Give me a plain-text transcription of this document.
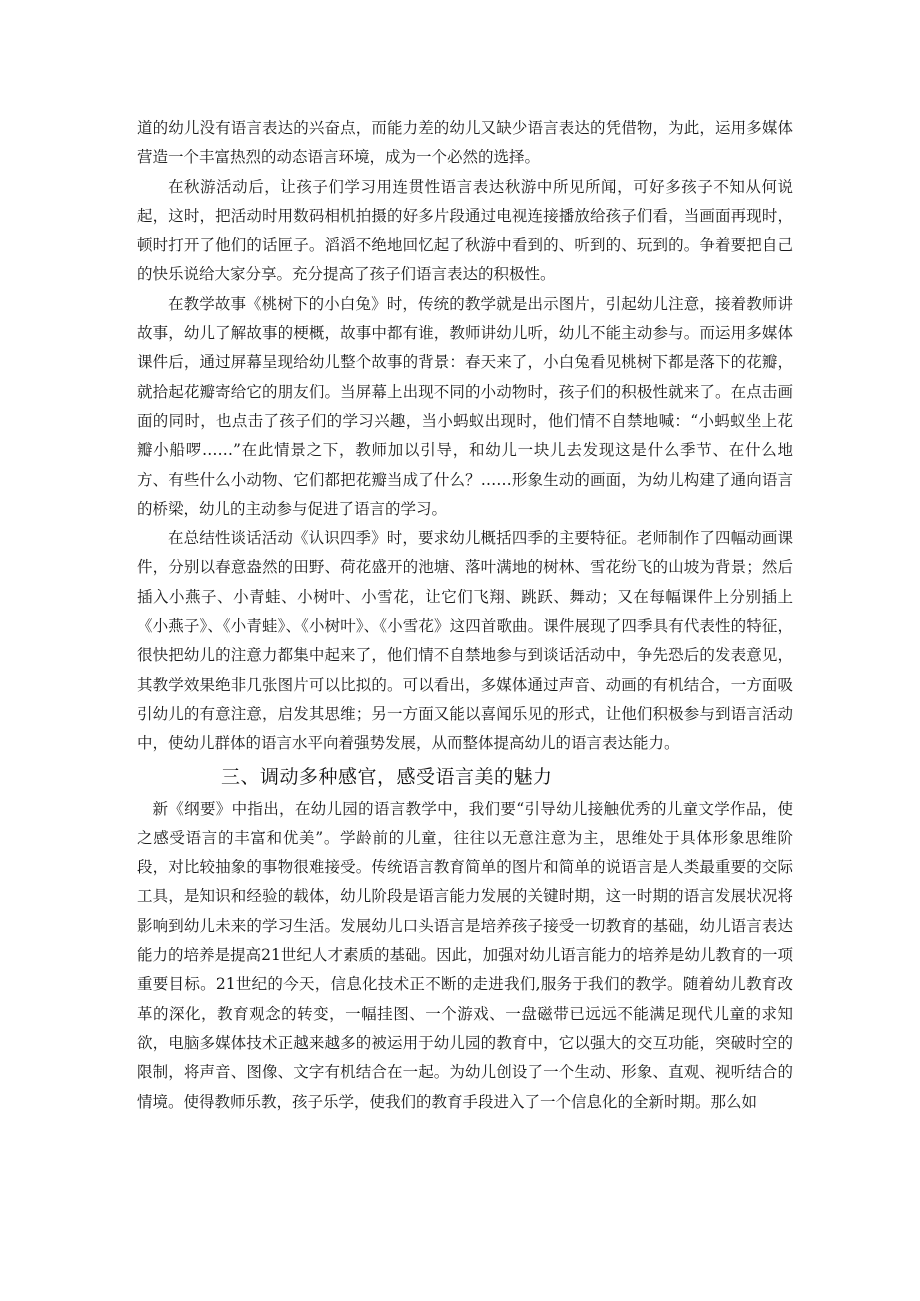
道的幼儿没有语言表达的兴奋点，而能力差的幼儿又缺少语言表达的凭借物，为此，运用多媒体营造一个丰富热烈的动态语言环境，成为一个必然的选择。

在秋游活动后，让孩子们学习用连贯性语言表达秋游中所见所闻，可好多孩子不知从何说起，这时，把活动时用数码相机拍摄的好多片段通过电视连接播放给孩子们看，当画面再现时，顿时打开了他们的话匣子。滔滔不绝地回忆起了秋游中看到的、听到的、玩到的。争着要把自己的快乐说给大家分享。充分提高了孩子们语言表达的积极性。

在教学故事《桃树下的小白兔》时，传统的教学就是出示图片，引起幼儿注意，接着教师讲故事，幼儿了解故事的梗概，故事中都有谁，教师讲幼儿听，幼儿不能主动参与。而运用多媒体课件后，通过屏幕呈现给幼儿整个故事的背景：春天来了，小白兔看见桃树下都是落下的花瓣，就拾起花瓣寄给它的朋友们。当屏幕上出现不同的小动物时，孩子们的积极性就来了。在点击画面的同时，也点击了孩子们的学习兴趣，当小蚂蚁出现时，他们情不自禁地喊：“小蚂蚁坐上花瓣小船啰……”在此情景之下，教师加以引导，和幼儿一块儿去发现这是什么季节、在什么地方、有些什么小动物、它们都把花瓣当成了什么？……形象生动的画面，为幼儿构建了通向语言的桥梁，幼儿的主动参与促进了语言的学习。

在总结性谈话活动《认识四季》时，要求幼儿概括四季的主要特征。老师制作了四幅动画课件，分别以春意盎然的田野、荷花盛开的池塘、落叶满地的树林、雪花纷飞的山坡为背景；然后插入小燕子、小青蛙、小树叶、小雪花，让它们飞翔、跳跃、舞动；又在每幅课件上分别插上《小燕子》、《小青蛙》、《小树叶》、《小雪花》这四首歌曲。课件展现了四季具有代表性的特征，很快把幼儿的注意力都集中起来了，他们情不自禁地参与到谈话活动中，争先恐后的发表意见，其教学效果绝非几张图片可以比拟的。可以看出，多媒体通过声音、动画的有机结合，一方面吸引幼儿的有意注意，启发其思维；另一方面又能以喜闻乐见的形式，让他们积极参与到语言活动中，使幼儿群体的语言水平向着强势发展，从而整体提高幼儿的语言表达能力。

三、调动多种感官，感受语言美的魅力

新《纲要》中指出，在幼儿园的语言教学中，我们要“引导幼儿接触优秀的儿童文学作品，使之感受语言的丰富和优美”。学龄前的儿童，往往以无意注意为主，思维处于具体形象思维阶段，对比较抽象的事物很难接受。传统语言教育简单的图片和简单的说语言是人类最重要的交际工具，是知识和经验的载体，幼儿阶段是语言能力发展的关键时期，这一时期的语言发展状况将影响到幼儿未来的学习生活。发展幼儿口头语言是培养孩子接受一切教育的基础，幼儿语言表达能力的培养是提高21世纪人才素质的基础。因此，加强对幼儿语言能力的培养是幼儿教育的一项重要目标。21世纪的今天，信息化技术正不断的走进我们,服务于我们的教学。随着幼儿教育改革的深化，教育观念的转变，一幅挂图、一个游戏、一盘磁带已远远不能满足现代儿童的求知欲，电脑多媒体技术正越来越多的被运用于幼儿园的教育中，它以强大的交互功能，突破时空的限制，将声音、图像、文字有机结合在一起。为幼儿创设了一个生动、形象、直观、视听结合的情境。使得教师乐教，孩子乐学，使我们的教育手段进入了一个信息化的全新时期。那么如
